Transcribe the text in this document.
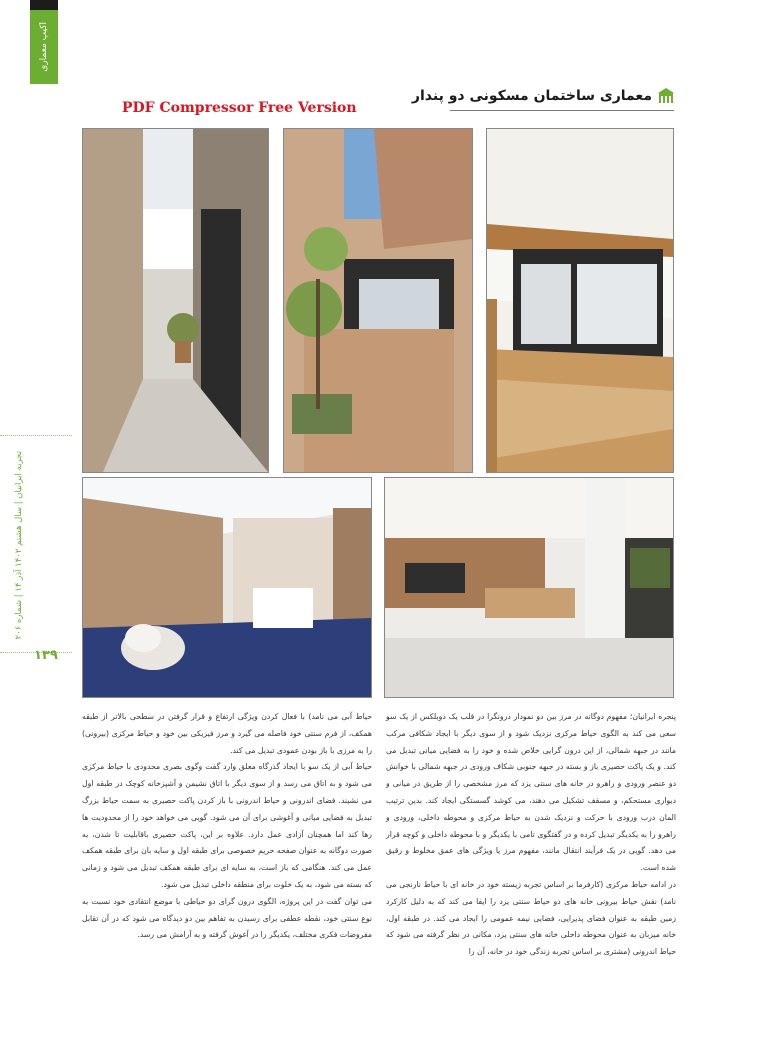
اکیپ معماری
تجربه ایرانیان | سال هشتم ۱۴۰۲ آذر ۱۴ | شماره ۲۰۶
۱۳۹
PDF Compressor Free Version
معماری ساختمان مسکونی دو پندار

پنجره ایرانیان؛ مفهوم دوگانه در مرز بین دو نمودار درونگرا در قلب یک دوبلکس از یک سو سعی می کند به الگوی حیاط مرکزی نزدیک شود و از سوی دیگر با ایجاد شکافی مرکب مانند در جبهه شمالی، از این درون گرایی خلاص شده و خود را به فضایی میانی تبدیل می کند. و یک پاکت حصیری باز و بسته در جبهه جنوبی شکاف ورودی در جبهه شمالی با خوانش دو عنصر ورودی و راهرو در خانه های سنتی یزد که مرز مشخصی را از طریق در میانی و دیواری مستحکم، و مسقف تشکیل می دهند، می کوشد گسستگی ایجاد کند. بدین ترتیب المان درب ورودی با حرکت و نزدیک شدن به حیاط مرکزی و محوطه داخلی، ورودی و راهرو را به یکدیگر تبدیل کرده و در گفتگوی تامی با یکدیگر و با محوطه داخلی و کوچه قرار می دهد. گویی در یک فرآیند انتقال مانند، مفهوم مرز یا ویژگی های عمق مخلوط و رقیق شده است.

در ادامه حیاط مرکزی (کارفرما بر اساس تجربه زیسته خود در خانه ای با حیاط نارنجی می نامد) نقش حیاط بیرونی خانه های دو حیاط سنتی یزد را ایفا می کند که به دلیل کارکرد زمین طبقه به عنوان فضای پذیرایی، فضایی نیمه عمومی را ایجاد می کند. در طبقه اول، خانه میزبان به عنوان محوطه داخلی خانه های سنتی یزد، مکانی در نظر گرفته می شود که حیاط اندرونی (مشتری بر اساس تجربه زندگی خود در خانه، آن را

حیاط آبی می نامد) با فعال کردن ویژگی ارتفاع و قرار گرفتن در سطحی بالاتر از طبقه همکف، از فرم سنتی خود فاصله می گیرد و مرز فیزیکی بین خود و حیاط مرکزی (بیرونی) را به مرزی با باز بودن عمودی تبدیل می کند.

حیاط آبی از یک سو با ایجاد گذرگاه معلق وارد گفت وگوی بصری محدودی با حیاط مرکزی می شود و به اتاق می رسد و از سوی دیگر با اتاق نشیمن و آشپزخانه کوچک در طبقه اول می نشیند. فضای اندرونی و حیاط اندرونی با باز کردن پاکت حصیری به سمت حیاط بزرگ تبدیل به فضایی میانی و آغوشی برای آن می شود. گویی می خواهد خود را از محدودیت ها رها کند اما همچنان آزادی عمل دارد. علاوه بر این، پاکت حصیری باقابلیت تا شدن، به صورت دوگانه به عنوان صفحه حریم خصوصی برای طبقه اول و سایه بان برای طبقه همکف عمل می کند. هنگامی که باز است، به سایه ای برای طبقه همکف تبدیل می شود و زمانی که بسته می شود، به یک خلوت برای منطقه داخلی تبدیل می شود.

می توان گفت در این پروژه، الگوی درون گرای دو حیاطی با موضع انتقادی خود نسبت به نوع سنتی خود، نقطه عطفی برای رسیدن به تفاهم بین دو دیدگاه می شود که در آن تقابل مفروضات فکری مختلف، یکدیگر را در آغوش گرفته و به آرامش می رسد.
